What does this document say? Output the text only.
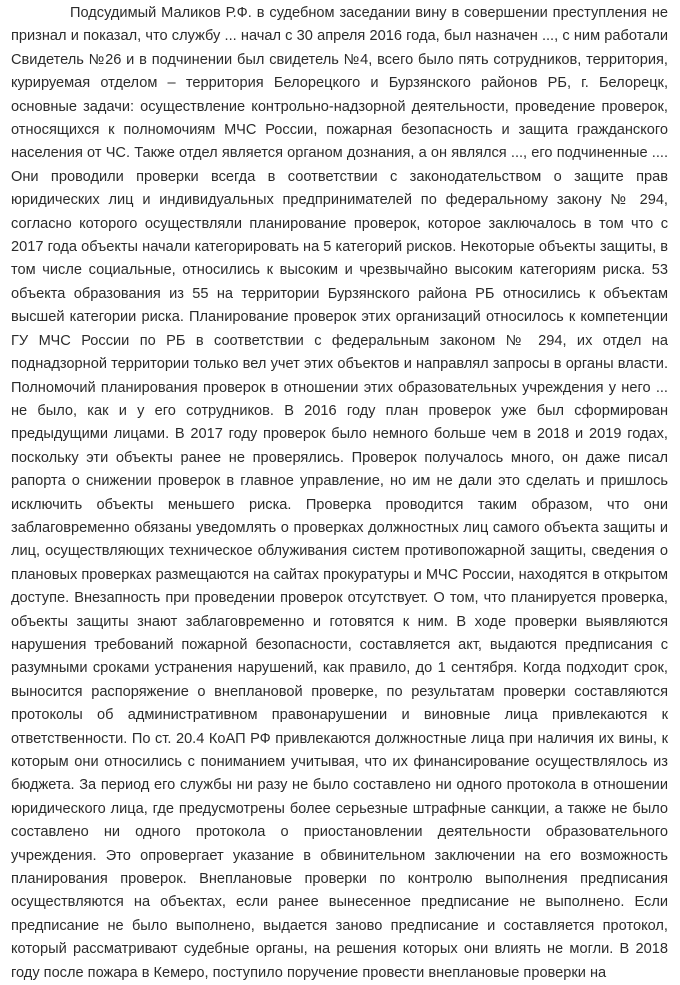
Подсудимый Маликов Р.Ф. в судебном заседании вину в совершении преступления не признал и показал, что службу ... начал с 30 апреля 2016 года, был назначен ..., с ним работали Свидетель №26 и в подчинении был свидетель №4, всего было пять сотрудников, территория, курируемая отделом – территория Белорецкого и Бурзянского районов РБ, г. Белорецк, основные задачи: осуществление контрольно-надзорной деятельности, проведение проверок, относящихся к полномочиям МЧС России, пожарная безопасность и защита гражданского населения от ЧС. Также отдел является органом дознания, а он являлся ..., его подчиненные .... Они проводили проверки всегда в соответствии с законодательством о защите прав юридических лиц и индивидуальных предпринимателей по федеральному закону № 294, согласно которого осуществляли планирование проверок, которое заключалось в том что с 2017 года объекты начали категорировать на 5 категорий рисков. Некоторые объекты защиты, в том числе социальные, относились к высоким и чрезвычайно высоким категориям риска. 53 объекта образования из 55 на территории Бурзянского района РБ относились к объектам высшей категории риска. Планирование проверок этих организаций относилось к компетенции ГУ МЧС России по РБ в соответствии с федеральным законом № 294, их отдел на поднадзорной территории только вел учет этих объектов и направлял запросы в органы власти. Полномочий планирования проверок в отношении этих образовательных учреждения у него ... не было, как и у его сотрудников. В 2016 году план проверок уже был сформирован предыдущими лицами. В 2017 году проверок было немного больше чем в 2018 и 2019 годах, поскольку эти объекты ранее не проверялись. Проверок получалось много, он даже писал рапорта о снижении проверок в главное управление, но им не дали это сделать и пришлось исключить объекты меньшего риска. Проверка проводится таким образом, что они заблаговременно обязаны уведомлять о проверках должностных лиц самого объекта защиты и лиц, осуществляющих техническое облуживания систем противопожарной защиты, сведения о плановых проверках размещаются на сайтах прокуратуры и МЧС России, находятся в открытом доступе. Внезапность при проведении проверок отсутствует. О том, что планируется проверка, объекты защиты знают заблаговременно и готовятся к ним. В ходе проверки выявляются нарушения требований пожарной безопасности, составляется акт, выдаются предписания с разумными сроками устранения нарушений, как правило, до 1 сентября. Когда подходит срок, выносится распоряжение о внеплановой проверке, по результатам проверки составляются протоколы об административном правонарушении и виновные лица привлекаются к ответственности. По ст. 20.4 КоАП РФ привлекаются должностные лица при наличия их вины, к которым они относились с пониманием учитывая, что их финансирование осуществлялось из бюджета. За период его службы ни разу не было составлено ни одного протокола в отношении юридического лица, где предусмотрены более серьезные штрафные санкции, а также не было составлено ни одного протокола о приостановлении деятельности образовательного учреждения. Это опровергает указание в обвинительном заключении на его возможность планирования проверок. Внеплановые проверки по контролю выполнения предписания осуществляются на объектах, если ранее вынесенное предписание не выполнено. Если предписание не было выполнено, выдается заново предписание и составляется протокол, который рассматривают судебные органы, на решения которых они влиять не могли. В 2018 году после пожара в Кемеро, поступило поручение провести внеплановые проверки на
